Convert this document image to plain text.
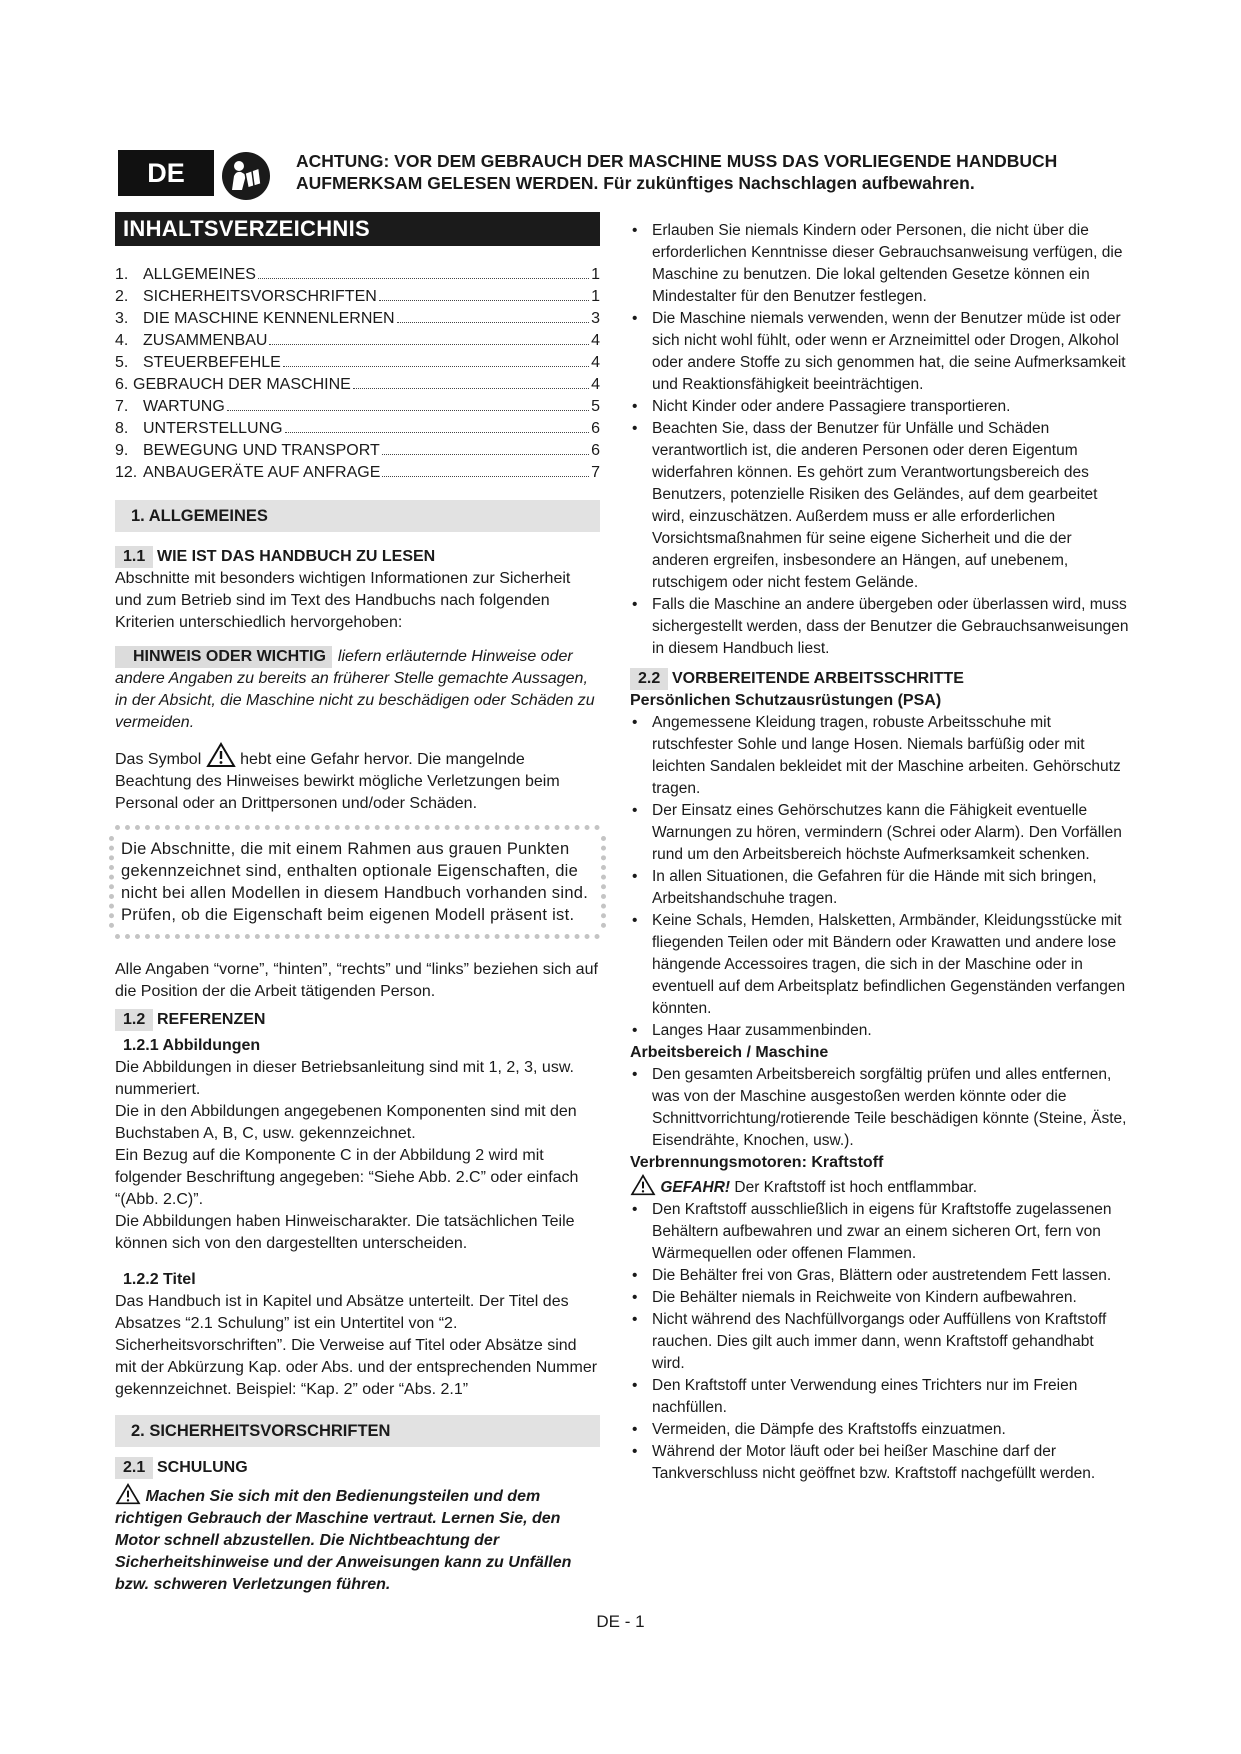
DE	ACHTUNG: VOR DEM GEBRAUCH DER MASCHINE MUSS DAS VORLIEGENDE HANDBUCH AUFMERKSAM GELESEN WERDEN. Für zukünftiges Nachschlagen aufbewahren.
INHALTSVERZEICHNIS
1. ALLGEMEINES	1
2. SICHERHEITSVORSCHRIFTEN	1
3. DIE MASCHINE KENNENLERNEN	3
4. ZUSAMMENBAU	4
5. STEUERBEFEHLE	4
6. GEBRAUCH DER MASCHINE	4
7. WARTUNG	5
8. UNTERSTELLUNG	6
9. BEWEGUNG UND TRANSPORT	6
12. ANBAUGERÄTE AUF ANFRAGE	7
1. ALLGEMEINES
1.1 WIE IST DAS HANDBUCH ZU LESEN
Abschnitte mit besonders wichtigen Informationen zur Sicherheit und zum Betrieb sind im Text des Handbuchs nach folgenden Kriterien unterschiedlich hervorgehoben:
HINWEIS ODER WICHTIG liefern erläuternde Hinweise oder andere Angaben zu bereits an früherer Stelle gemachte Aussagen, in der Absicht, die Maschine nicht zu beschädigen oder Schäden zu vermeiden.
Das Symbol hebt eine Gefahr hervor. Die mangelnde Beachtung des Hinweises bewirkt mögliche Verletzungen beim Personal oder an Drittpersonen und/oder Schäden.
Die Abschnitte, die mit einem Rahmen aus grauen Punkten gekennzeichnet sind, enthalten optionale Eigenschaften, die nicht bei allen Modellen in diesem Handbuch vorhanden sind. Prüfen, ob die Eigenschaft beim eigenen Modell präsent ist.
Alle Angaben “vorne”, “hinten”, “rechts” und “links” beziehen sich auf die Position der die Arbeit tätigenden Person.
1.2 REFERENZEN
1.2.1 Abbildungen
Die Abbildungen in dieser Betriebsanleitung sind mit 1, 2, 3, usw. nummeriert.
Die in den Abbildungen angegebenen Komponenten sind mit den Buchstaben A, B, C, usw. gekennzeichnet.
Ein Bezug auf die Komponente C in der Abbildung 2 wird mit folgender Beschriftung angegeben: “Siehe Abb. 2.C” oder einfach “(Abb. 2.C)”.
Die Abbildungen haben Hinweischarakter. Die tatsächlichen Teile können sich von den dargestellten unterscheiden.
1.2.2 Titel
Das Handbuch ist in Kapitel und Absätze unterteilt. Der Titel des Absatzes “2.1 Schulung” ist ein Untertitel von “2. Sicherheitsvorschriften”. Die Verweise auf Titel oder Absätze sind mit der Abkürzung Kap. oder Abs. und der entsprechenden Nummer gekennzeichnet. Beispiel: “Kap. 2” oder “Abs. 2.1”
2. SICHERHEITSVORSCHRIFTEN
2.1 SCHULUNG
Machen Sie sich mit den Bedienungsteilen und dem richtigen Gebrauch der Maschine vertraut. Lernen Sie, den Motor schnell abzustellen. Die Nichtbeachtung der Sicherheitshinweise und der Anweisungen kann zu Unfällen bzw. schweren Verletzungen führen.
• Erlauben Sie niemals Kindern oder Personen, die nicht über die erforderlichen Kenntnisse dieser Gebrauchsanweisung verfügen, die Maschine zu benutzen. Die lokal geltenden Gesetze können ein Mindestalter für den Benutzer festlegen.
• Die Maschine niemals verwenden, wenn der Benutzer müde ist oder sich nicht wohl fühlt, oder wenn er Arzneimittel oder Drogen, Alkohol oder andere Stoffe zu sich genommen hat, die seine Aufmerksamkeit und Reaktionsfähigkeit beeinträchtigen.
• Nicht Kinder oder andere Passagiere transportieren.
• Beachten Sie, dass der Benutzer für Unfälle und Schäden verantwortlich ist, die anderen Personen oder deren Eigentum widerfahren können. Es gehört zum Verantwortungsbereich des Benutzers, potenzielle Risiken des Geländes, auf dem gearbeitet wird, einzuschätzen. Außerdem muss er alle erforderlichen Vorsichtsmaßnahmen für seine eigene Sicherheit und die der anderen ergreifen, insbesondere an Hängen, auf unebenem, rutschigem oder nicht festem Gelände.
• Falls die Maschine an andere übergeben oder überlassen wird, muss sichergestellt werden, dass der Benutzer die Gebrauchsanweisungen in diesem Handbuch liest.
2.2 VORBEREITENDE ARBEITSSCHRITTE
Persönlichen Schutzausrüstungen (PSA)
• Angemessene Kleidung tragen, robuste Arbeitsschuhe mit rutschfester Sohle und lange Hosen. Niemals barfüßig oder mit leichten Sandalen bekleidet mit der Maschine arbeiten. Gehörschutz tragen.
• Der Einsatz eines Gehörschutzes kann die Fähigkeit eventuelle Warnungen zu hören, vermindern (Schrei oder Alarm). Den Vorfällen rund um den Arbeitsbereich höchste Aufmerksamkeit schenken.
• In allen Situationen, die Gefahren für die Hände mit sich bringen, Arbeitshandschuhe tragen.
• Keine Schals, Hemden, Halsketten, Armbänder, Kleidungsstücke mit fliegenden Teilen oder mit Bändern oder Krawatten und andere lose hängende Accessoires tragen, die sich in der Maschine oder in eventuell auf dem Arbeitsplatz befindlichen Gegenständen verfangen könnten.
• Langes Haar zusammenbinden.
Arbeitsbereich / Maschine
• Den gesamten Arbeitsbereich sorgfältig prüfen und alles entfernen, was von der Maschine ausgestoßen werden könnte oder die Schnittvorrichtung/rotierende Teile beschädigen könnte (Steine, Äste, Eisendrähte, Knochen, usw.).
Verbrennungsmotoren: Kraftstoff
GEFAHR! Der Kraftstoff ist hoch entflammbar.
• Den Kraftstoff ausschließlich in eigens für Kraftstoffe zugelassenen Behältern aufbewahren und zwar an einem sicheren Ort, fern von Wärmequellen oder offenen Flammen.
• Die Behälter frei von Gras, Blättern oder austretendem Fett lassen.
• Die Behälter niemals in Reichweite von Kindern aufbewahren.
• Nicht während des Nachfüllvorgangs oder Auffüllens von Kraftstoff rauchen. Dies gilt auch immer dann, wenn Kraftstoff gehandhabt wird.
• Den Kraftstoff unter Verwendung eines Trichters nur im Freien nachfüllen.
• Vermeiden, die Dämpfe des Kraftstoffs einzuatmen.
• Während der Motor läuft oder bei heißer Maschine darf der Tankverschluss nicht geöffnet bzw. Kraftstoff nachgefüllt werden.
DE - 1
